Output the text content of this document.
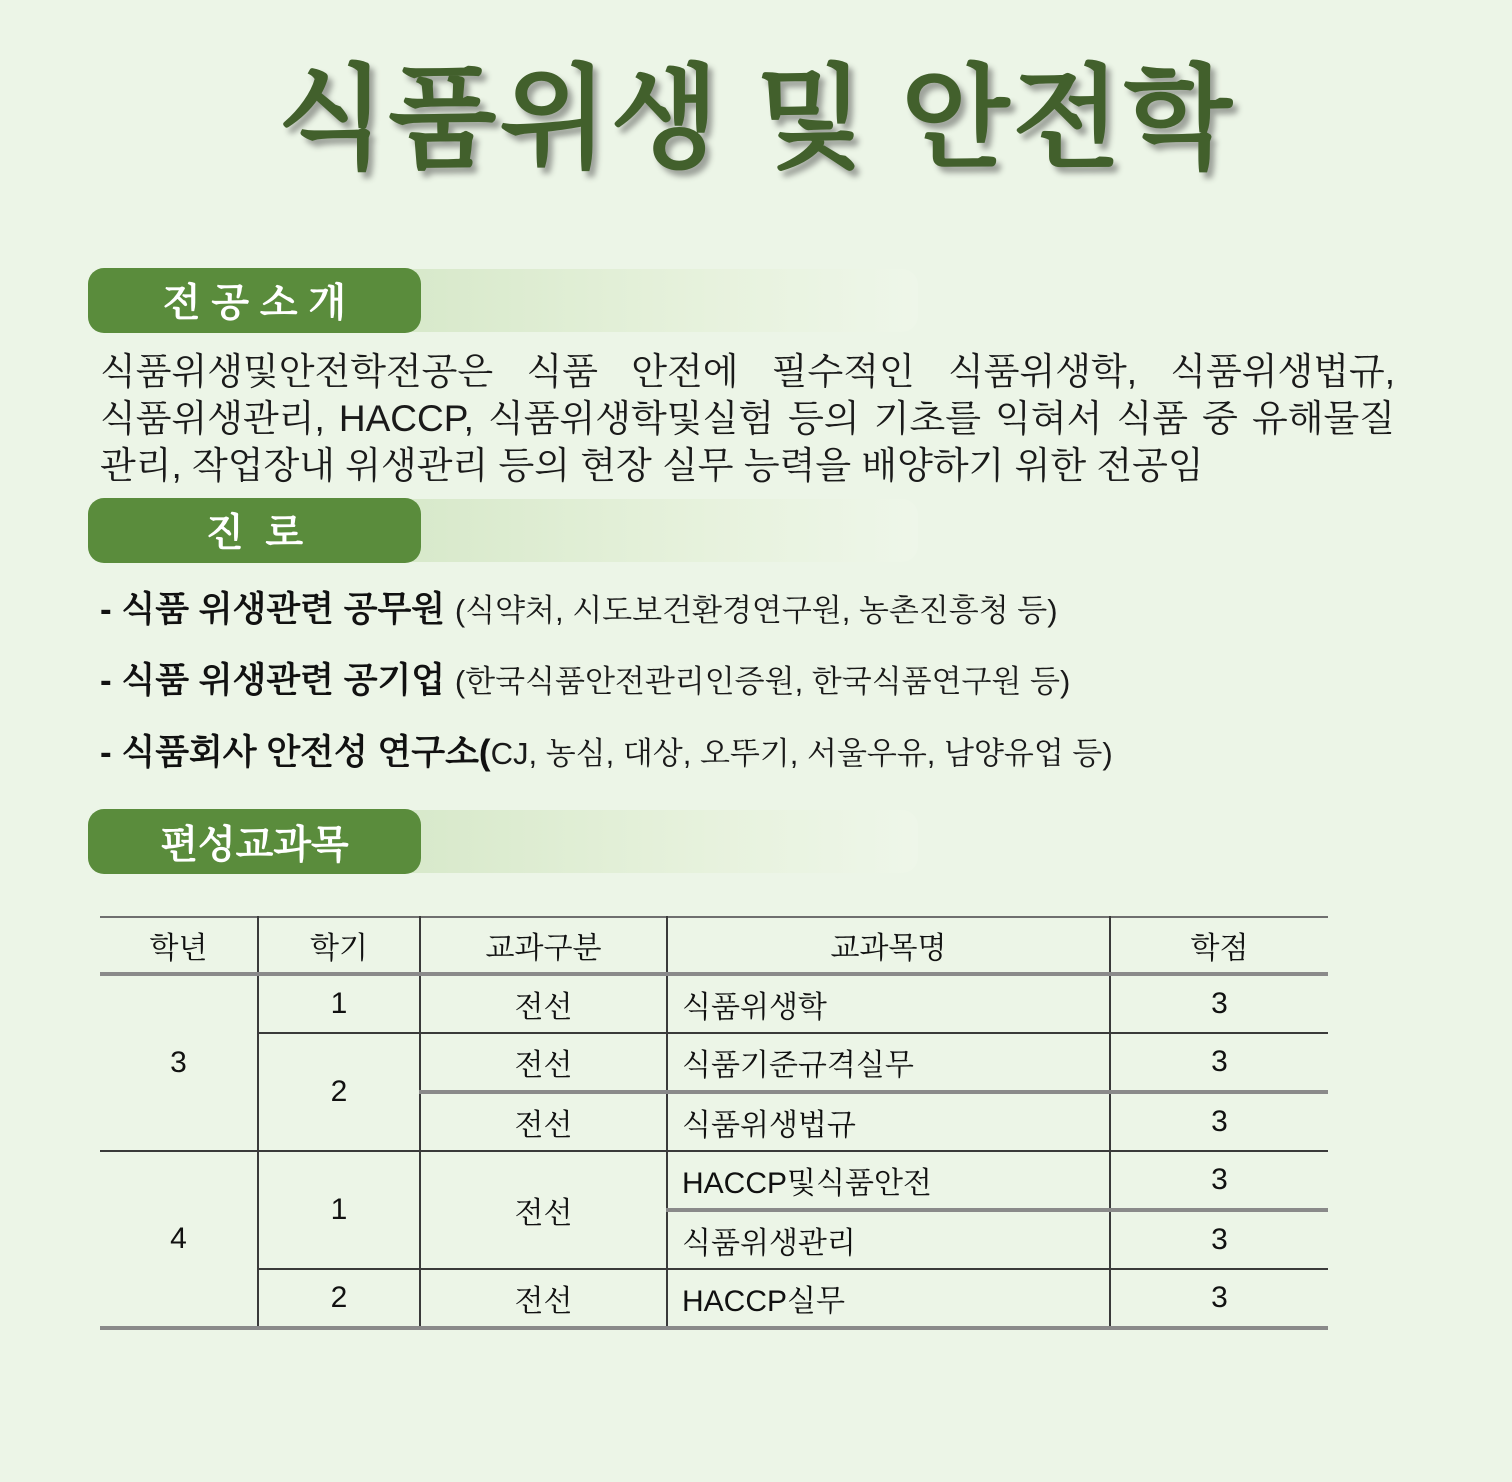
식품위생 및 안전학
전 공 소 개

식품위생및안전학전공은 식품 안전에 필수적인 식품위생학, 식품위생법규, 식품위생관리, HACCP, 식품위생학및실험 등의 기초를 익혀서 식품 중 유해물질 관리, 작업장내 위생관리 등의 현장 실무 능력을 배양하기 위한 전공임

진  로
- 식품 위생관련 공무원 (식약처, 시도보건환경연구원, 농촌진흥청 등)
- 식품 위생관련 공기업 (한국식품안전관리인증원, 한국식품연구원 등)
- 식품회사 안전성 연구소(CJ, 농심, 대상, 오뚜기, 서울우유, 남양유업 등)
편성교과목
학년	학기	교과구분	교과목명	학점
3	1	전선	식품위생학	3
	2	전선	식품기준규격실무	3
		전선	식품위생법규	3
4	1	전선	HACCP및식품안전	3
			식품위생관리	3
	2	전선	HACCP실무	3
